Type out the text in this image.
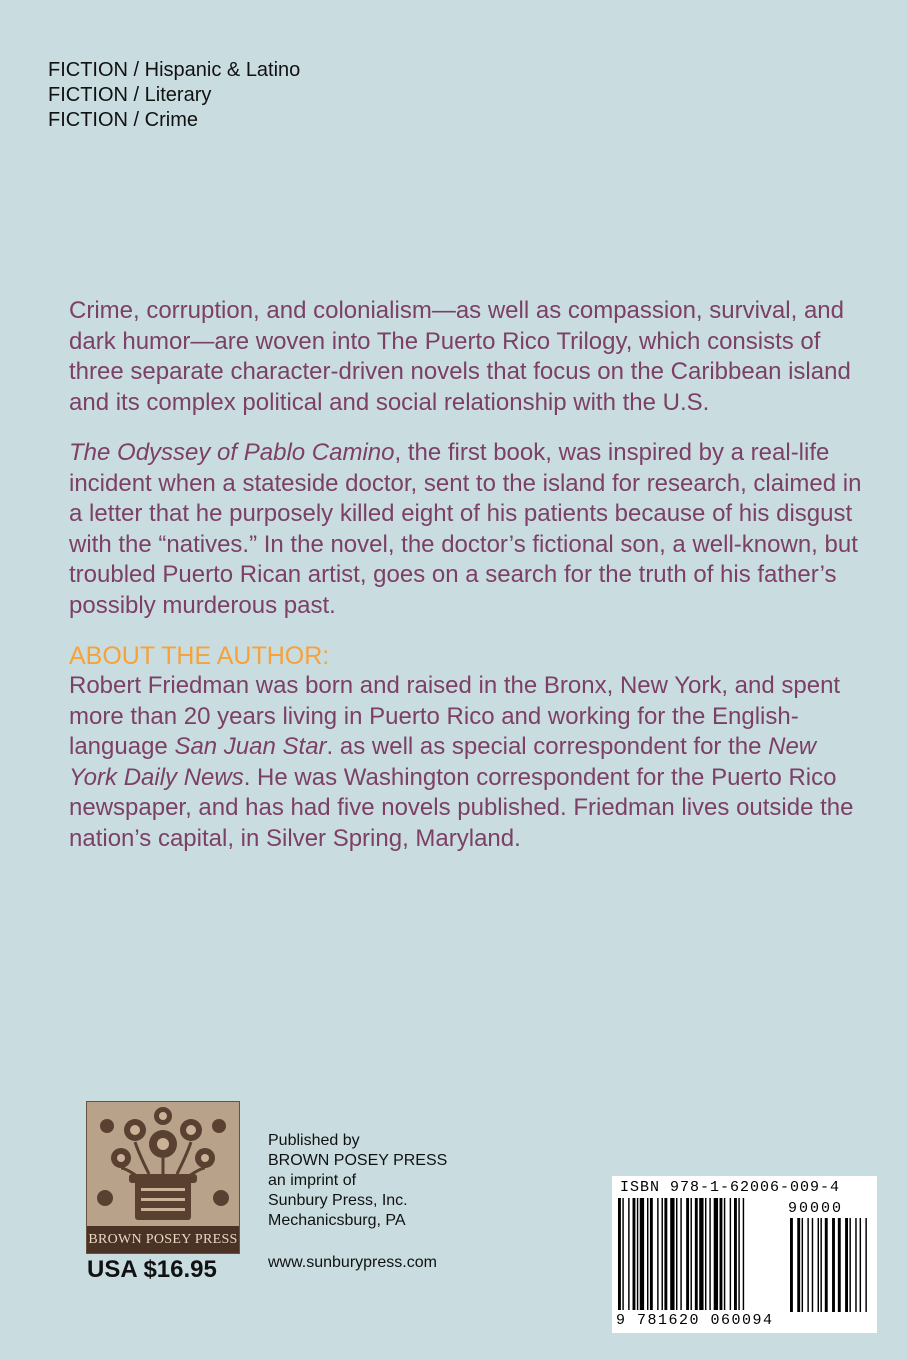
FICTION / Hispanic & Latino
FICTION / Literary
FICTION / Crime

Crime, corruption, and colonialism—as well as compassion, survival, and dark humor—are woven into The Puerto Rico Trilogy, which consists of three separate character-driven novels that focus on the Caribbean island and its complex political and social relationship with the U.S.

The Odyssey of Pablo Camino, the first book, was inspired by a real-life incident when a stateside doctor, sent to the island for research, claimed in a letter that he purposely killed eight of his patients because of his disgust with the “natives.” In the novel, the doctor’s fictional son, a well-known, but troubled Puerto Rican artist, goes on a search for the truth of his father’s possibly murderous past.

ABOUT THE AUTHOR:

Robert Friedman was born and raised in the Bronx, New York, and spent more than 20 years living in Puerto Rico and working for the English-language San Juan Star. as well as special correspondent for the New York Daily News. He was Washington correspondent for the Puerto Rico newspaper, and has had five novels published. Friedman lives outside the nation’s capital, in Silver Spring, Maryland.

BROWN POSEY PRESS
USA $16.95
Published by
BROWN POSEY PRESS
an imprint of
Sunbury Press, Inc.
Mechanicsburg, PA
www.sunburypress.com
ISBN 978-1-62006-009-4
90000
9 781620 060094
